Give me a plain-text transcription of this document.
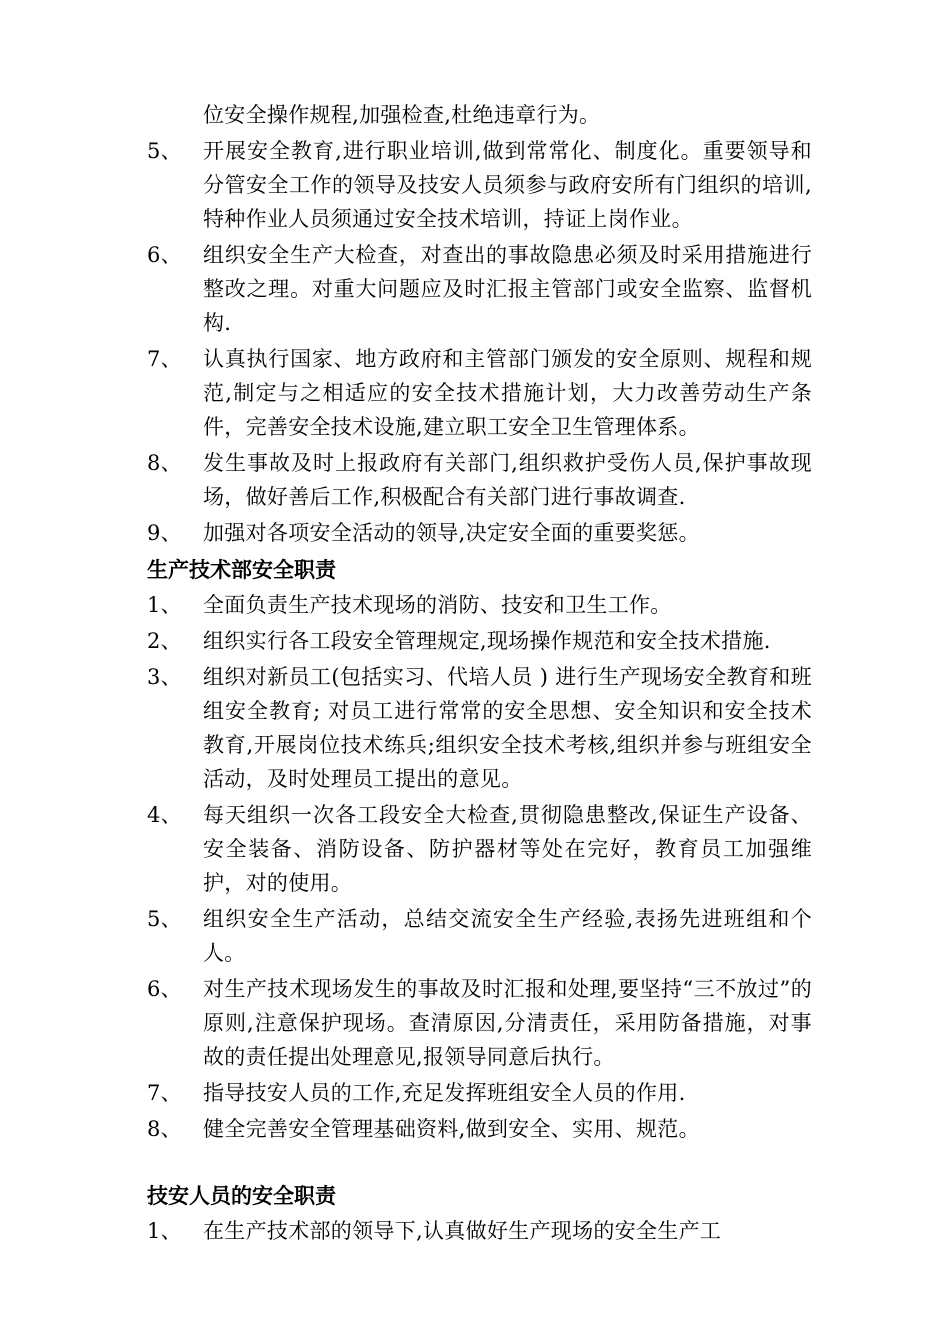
位安全操作规程,加强检查,杜绝违章行为。
5、 开展安全教育,进行职业培训,做到常常化、制度化。重要领导和分管安全工作的领导及技安人员须参与政府安所有门组织的培训,特种作业人员须通过安全技术培训，持证上岗作业。
6、 组织安全生产大检查，对查出的事故隐患必须及时采用措施进行整改之理。对重大问题应及时汇报主管部门或安全监察、监督机构.
7、 认真执行国家、地方政府和主管部门颁发的安全原则、规程和规范,制定与之相适应的安全技术措施计划，大力改善劳动生产条件，完善安全技术设施,建立职工安全卫生管理体系。
8、 发生事故及时上报政府有关部门,组织救护受伤人员,保护事故现场，做好善后工作,积极配合有关部门进行事故调查.
9、 加强对各项安全活动的领导,决定安全面的重要奖惩。
生产技术部安全职责
1、 全面负责生产技术现场的消防、技安和卫生工作。
2、 组织实行各工段安全管理规定,现场操作规范和安全技术措施.
3、 组织对新员工(包括实习、代培人员 ) 进行生产现场安全教育和班组安全教育; 对员工进行常常的安全思想、安全知识和安全技术教育,开展岗位技术练兵;组织安全技术考核,组织并参与班组安全活动，及时处理员工提出的意见。
4、 每天组织一次各工段安全大检查,贯彻隐患整改,保证生产设备、安全装备、消防设备、防护器材等处在完好，教育员工加强维护，对的使用。
5、 组织安全生产活动，总结交流安全生产经验,表扬先进班组和个人。
6、 对生产技术现场发生的事故及时汇报和处理,要坚持“三不放过”的原则,注意保护现场。查清原因,分清责任，采用防备措施，对事故的责任提出处理意见,报领导同意后执行。
7、 指导技安人员的工作,充足发挥班组安全人员的作用.
8、 健全完善安全管理基础资料,做到安全、实用、规范。
技安人员的安全职责
1、 在生产技术部的领导下,认真做好生产现场的安全生产工
